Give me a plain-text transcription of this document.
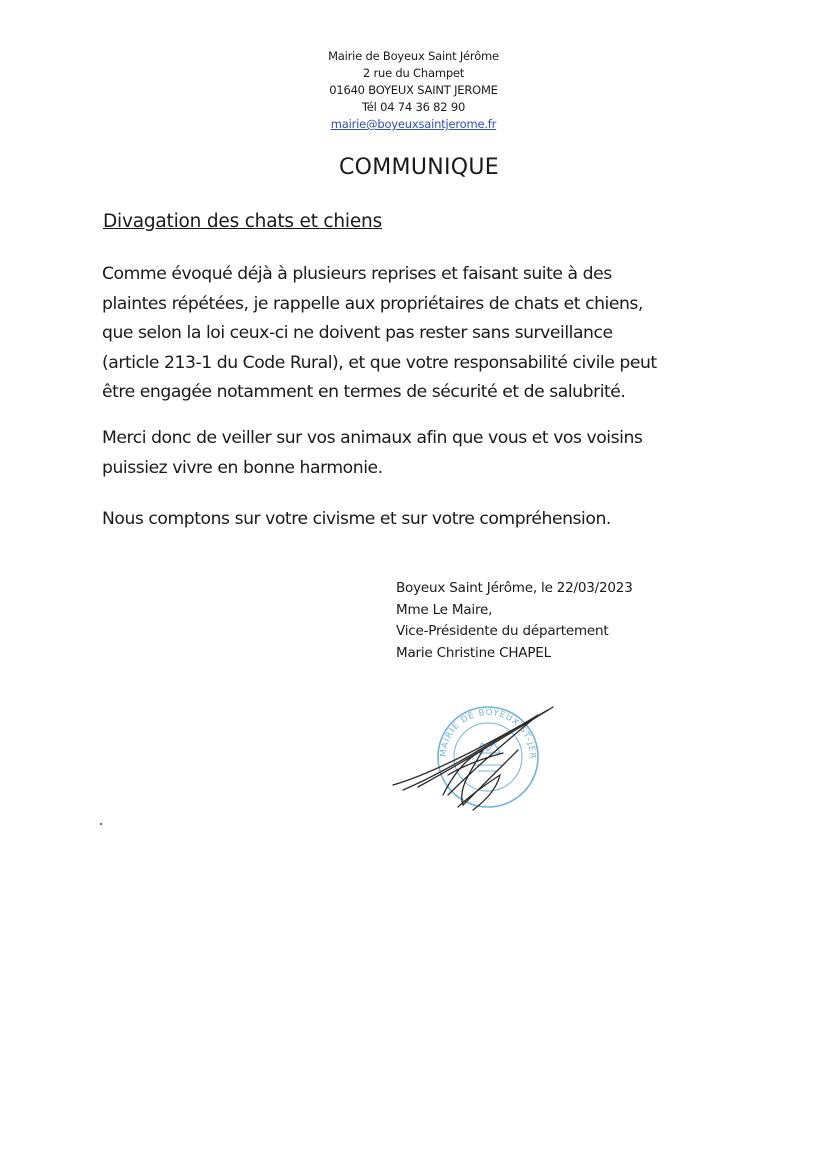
Mairie de Boyeux Saint Jérôme
2 rue du Champet
01640 BOYEUX SAINT JEROME
Tél 04 74 36 82 90
mairie@boyeuxsaintjerome.fr
COMMUNIQUE
Divagation des chats et chiens
Comme évoqué déjà à plusieurs reprises et faisant suite à des
plaintes répétées, je rappelle aux propriétaires de chats et chiens,
que selon la loi ceux-ci ne doivent pas rester sans surveillance
(article 213-1 du Code Rural), et que votre responsabilité civile peut
être engagée notamment en termes de sécurité et de salubrité.
Merci donc de veiller sur vos animaux afin que vous et vos voisins
puissiez vivre en bonne harmonie.
Nous comptons sur votre civisme et sur votre compréhension.
Boyeux Saint Jérôme, le 22/03/2023
Mme Le Maire,
Vice-Présidente du département
Marie Christine CHAPEL
MAIRIE DE BOYEUX-ST-JER
